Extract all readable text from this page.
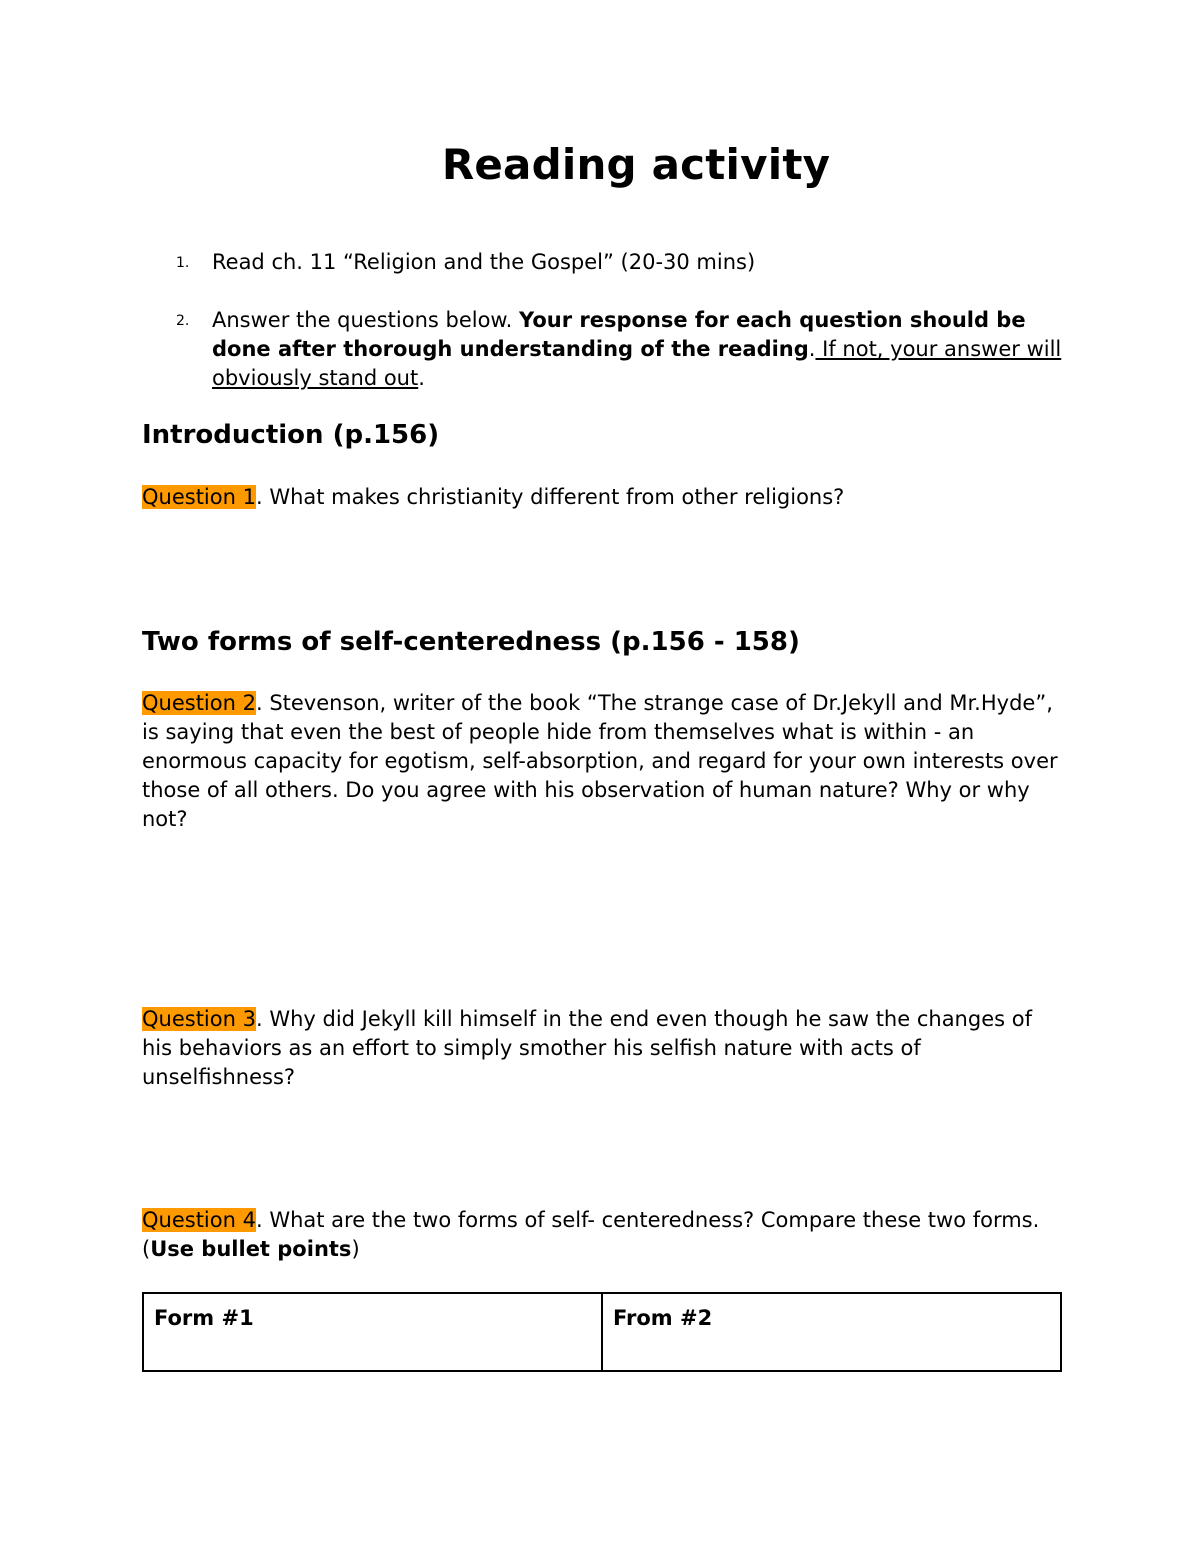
Reading activity
1. Read ch. 11 “Religion and the Gospel” (20-30 mins)
2. Answer the questions below. Your response for each question should be done after thorough understanding of the reading. If not, your answer will obviously stand out.
Introduction (p.156)

Question 1. What makes christianity different from other religions?

Two forms of self-centeredness (p.156 - 158)

Question 2. Stevenson, writer of the book “The strange case of Dr.Jekyll and Mr.Hyde”, is saying that even the best of people hide from themselves what is within - an enormous capacity for egotism, self-absorption, and regard for your own interests over those of all others. Do you agree with his observation of human nature? Why or why not?

Question 3. Why did Jekyll kill himself in the end even though he saw the changes of his behaviors as an effort to simply smother his selfish nature with acts of unselfishness?

Question 4. What are the two forms of self- centeredness? Compare these two forms. (Use bullet points)

Form #1	From #2
